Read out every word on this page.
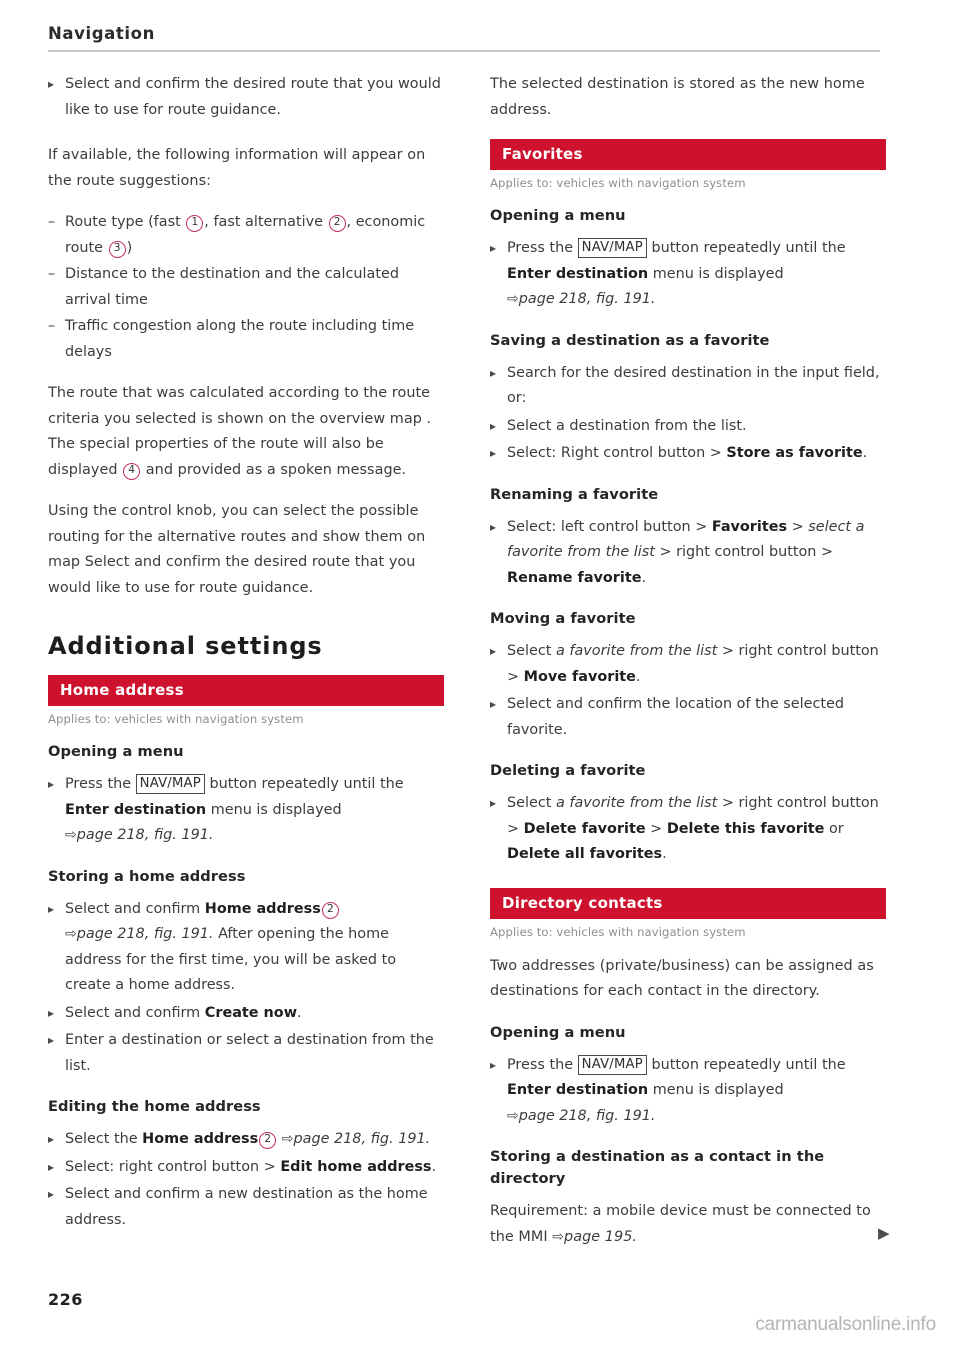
Navigation
▸ Select and confirm the desired route that you would like to use for route guidance.
If available, the following information will appear on the route suggestions:
– Route type (fast 1 , fast alternative 2 , economic route 3 )
– Distance to the destination and the calculated arrival time
– Traffic congestion along the route including time delays
The route that was calculated according to the route criteria you selected is shown on the overview map . The special properties of the route will also be displayed 4 and provided as a spoken message.
Using the control knob, you can select the possible routing for the alternative routes and show them on map Select and confirm the desired route that you would like to use for route guidance.
Additional settings
Home address
Applies to: vehicles with navigation system
Opening a menu
▸ Press the NAV/MAP button repeatedly until the Enter destination menu is displayed
⇨page 218, fig. 191.
Storing a home address
▸ Select and confirm Home address 2
⇨page 218, fig. 191. After opening the home address for the first time, you will be asked to create a home address.
▸ Select and confirm Create now.
▸ Enter a destination or select a destination from the list.
Editing the home address
▸ Select the Home address 2 ⇨page 218, fig. 191.
▸ Select: right control button > Edit home address.
▸ Select and confirm a new destination as the home address.
The selected destination is stored as the new home address.
Favorites
Applies to: vehicles with navigation system
Opening a menu
▸ Press the NAV/MAP button repeatedly until the Enter destination menu is displayed
⇨page 218, fig. 191.
Saving a destination as a favorite
▸ Search for the desired destination in the input field, or:
▸ Select a destination from the list.
▸ Select: Right control button > Store as favorite.
Renaming a favorite
▸ Select: left control button > Favorites > select a favorite from the list > right control button > Rename favorite.
Moving a favorite
▸ Select a favorite from the list > right control button > Move favorite.
▸ Select and confirm the location of the selected favorite.
Deleting a favorite
▸ Select a favorite from the list > right control button > Delete favorite > Delete this favorite or Delete all favorites.
Directory contacts
Applies to: vehicles with navigation system
Two addresses (private/business) can be assigned as destinations for each contact in the directory.
Opening a menu
▸ Press the NAV/MAP button repeatedly until the Enter destination menu is displayed
⇨page 218, fig. 191.
Storing a destination as a contact in the directory
Requirement: a mobile device must be connected to the MMI ⇨page 195.	▶
226
carmanualsonline.info
